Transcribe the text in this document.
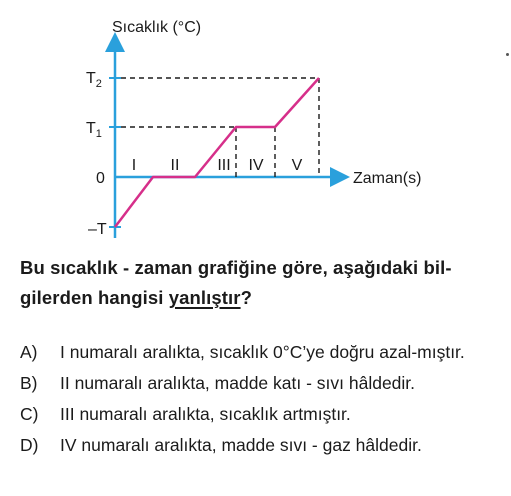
Sıcaklık (°C)
Zaman(s)
$T_2$
$T_1$
0
–T
I II III IV V
Bu sıcaklık - zaman grafiğine göre, aşağıdaki bil-gilerden hangisi yanlıştır?
A)	I numaralı aralıkta, sıcaklık 0°C’ye doğru azal-mıştır.
B)	II numaralı aralıkta, madde katı - sıvı hâldedir.
C)	III numaralı aralıkta, sıcaklık artmıştır.
D)	IV numaralı aralıkta, madde sıvı - gaz hâldedir.
